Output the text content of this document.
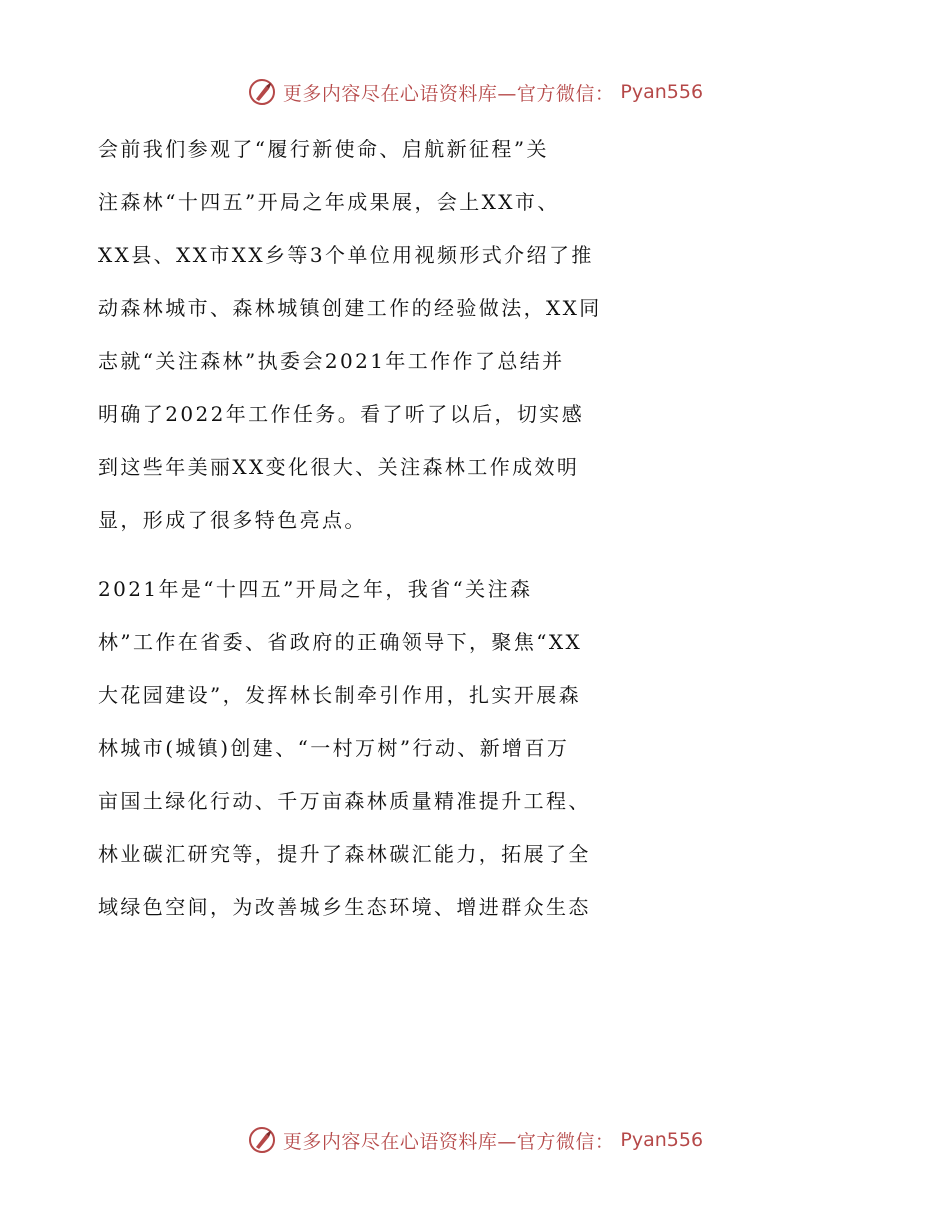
更多内容尽在心语资料库—官方微信： Pyan556
会前我们参观了“履行新使命、启航新征程”关
注森林“十四五”开局之年成果展，会上XX市、
XX县、XX市XX乡等3个单位用视频形式介绍了推
动森林城市、森林城镇创建工作的经验做法，XX同
志就“关注森林”执委会2021年工作作了总结并
明确了2022年工作任务。看了听了以后，切实感
到这些年美丽XX变化很大、关注森林工作成效明
显，形成了很多特色亮点。
2021年是“十四五”开局之年，我省“关注森
林”工作在省委、省政府的正确领导下，聚焦“XX
大花园建设”，发挥林长制牵引作用，扎实开展森
林城市(城镇)创建、“一村万树”行动、新增百万
亩国土绿化行动、千万亩森林质量精准提升工程、
林业碳汇研究等，提升了森林碳汇能力，拓展了全
域绿色空间，为改善城乡生态环境、增进群众生态
更多内容尽在心语资料库—官方微信： Pyan556
